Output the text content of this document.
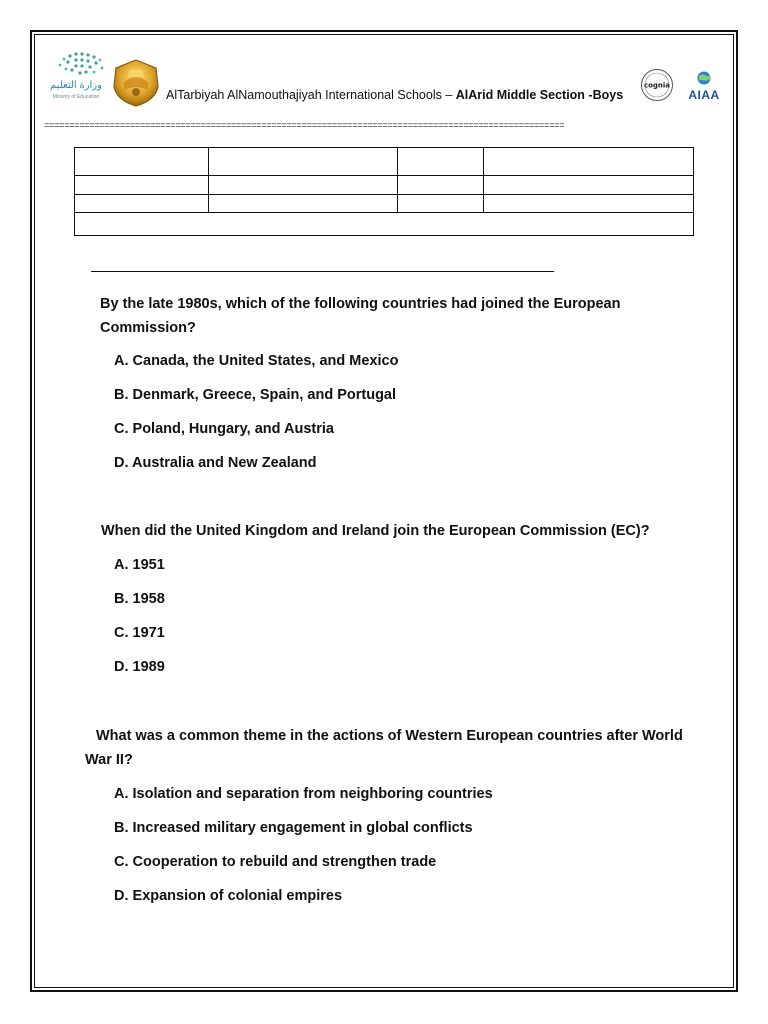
وزارة التعليم
Ministry of Education	AlTarbiyah AlNamouthajiyah International Schools – AlArid Middle Section -Boys
cognia
AIAA
=======================================================================================================

By the late 1980s, which of the following countries had joined the European Commission?
A. Canada, the United States, and Mexico
B. Denmark, Greece, Spain, and Portugal
C. Poland, Hungary, and Austria
D. Australia and New Zealand
When did the United Kingdom and Ireland join the European Commission (EC)?
A. 1951
B. 1958
C. 1971
D. 1989
What was a common theme in the actions of Western European countries after World War II?
A. Isolation and separation from neighboring countries
B. Increased military engagement in global conflicts
C. Cooperation to rebuild and strengthen trade
D. Expansion of colonial empires
